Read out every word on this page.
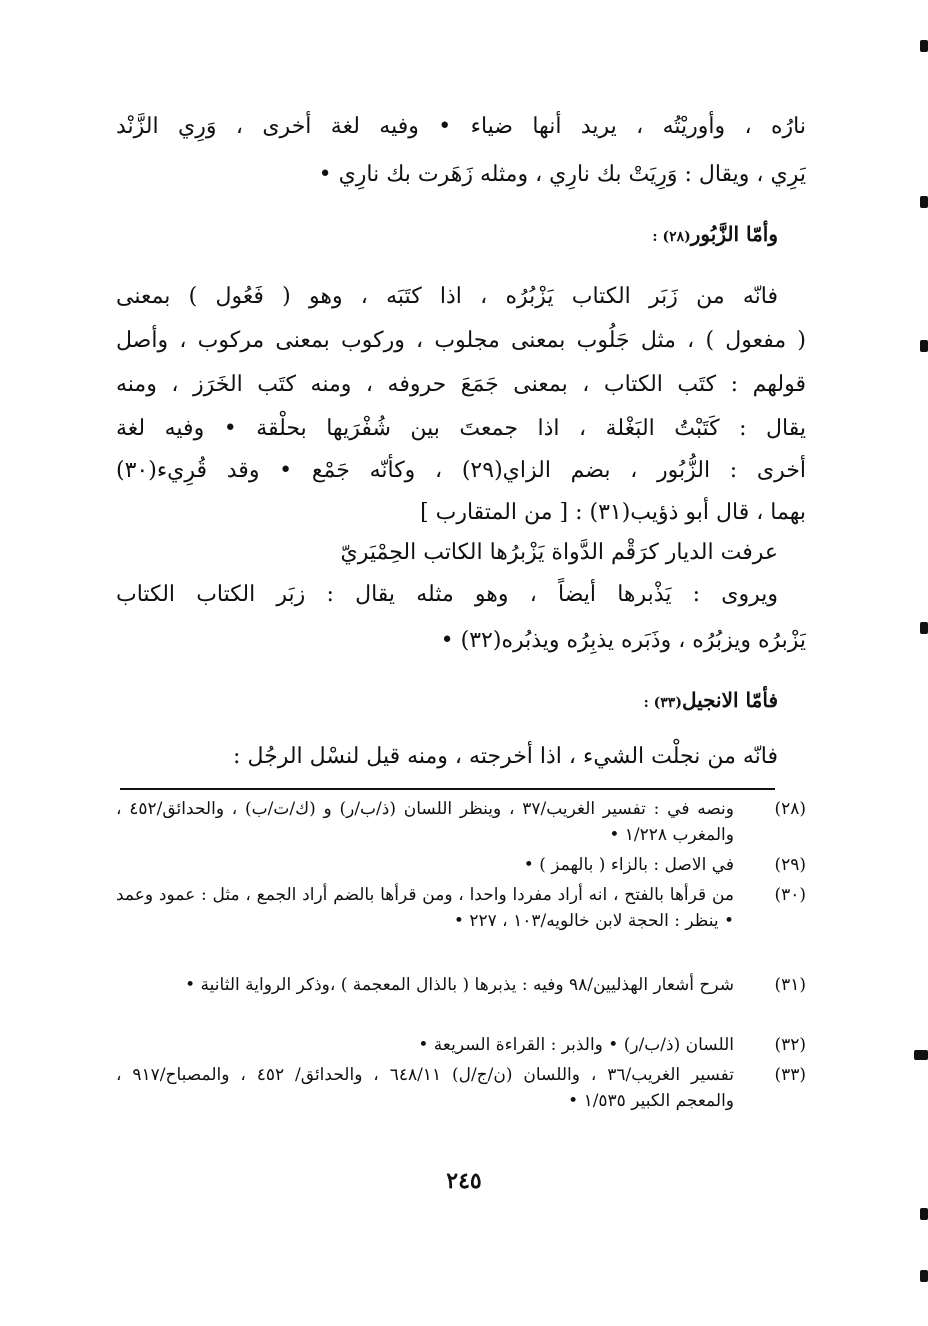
نارُه ، وأوريْتُه ، يريد أنها ضياء • وفيه لغة أخرى ، وَرِي الزَّنْد
يَرِي ، ويقال : وَرِيَتْ بك نارِي ، ومثله زَهَرت بك نارِي •
وأمّا الزَّبُور(٢٨) :
فانّه من زَبَر الكتاب يَزْبُرُه ، اذا كتَبَه ، وهو ( فَعُول ) بمعنى
( مفعول ) ، مثل جَلُوب بمعنى مجلوب ، وركوب بمعنى مركوب ، وأصل
قولهم : كتَب الكتاب ، بمعنى جَمَعَ حروفه ، ومنه كتَب الخَرَز ، ومنه
يقال : كَتَبْتُ البَغْلة ، اذا جمعتَ بين شُفْرَيها بحلْقة • وفيه لغة
أخرى : الزُّبُور ، بضم الزاي(٢٩) ، وكأنّه جَمْع • وقد قُرِيء(٣٠)
بهما ، قال أبو ذؤيب(٣١) : [ من المتقارب ]
عرفت الديار كرَقْم الدَّواة يَزْبرُها الكاتب الحِمْيَريّ
ويروى : يَذْبرها أيضاً ، وهو مثله يقال : زبَر الكتاب الكتاب
يَزْبرُه ويزبُرُه ، وذَبَره يذبِرُه ويذبُره(٣٢) •
فأمّا الانجيل(٣٣) :
فانّه من نجلْت الشيء ، اذا أخرجته ، ومنه قيل لنسْل الرجُل :
(٢٨)
ونصه في : تفسير الغريب/٣٧ ، وينظر اللسان (ذ/ب/ر) و (ك/ت/ب) ، والحدائق/٤٥٢ ، والمغرب ١/٢٢٨ •
(٢٩)
في الاصل : بالزاء ( بالهمز ) •
(٣٠)
من قرأها بالفتح ، انه أراد مفردا واحدا ، ومن قرأها بالضم أراد الجمع ، مثل : عمود وعمد • ينظر : الحجة لابن خالويه/١٠٣ ، ٢٢٧ •
(٣١)
شرح أشعار الهذليين/٩٨ وفيه : يذبرها ( بالذال المعجمة ) ،وذكر الرواية الثانية •
(٣٢)
اللسان (ذ/ب/ر) • والذبر : القراءة السريعة •
(٣٣)
تفسير الغريب/٣٦ ، واللسان (ن/ج/ل) ٦٤٨/١١ ، والحدائق/ ٤٥٢ ، والمصباح/٩١٧ ، والمعجم الكبير ١/٥٣٥ •
٢٤٥
